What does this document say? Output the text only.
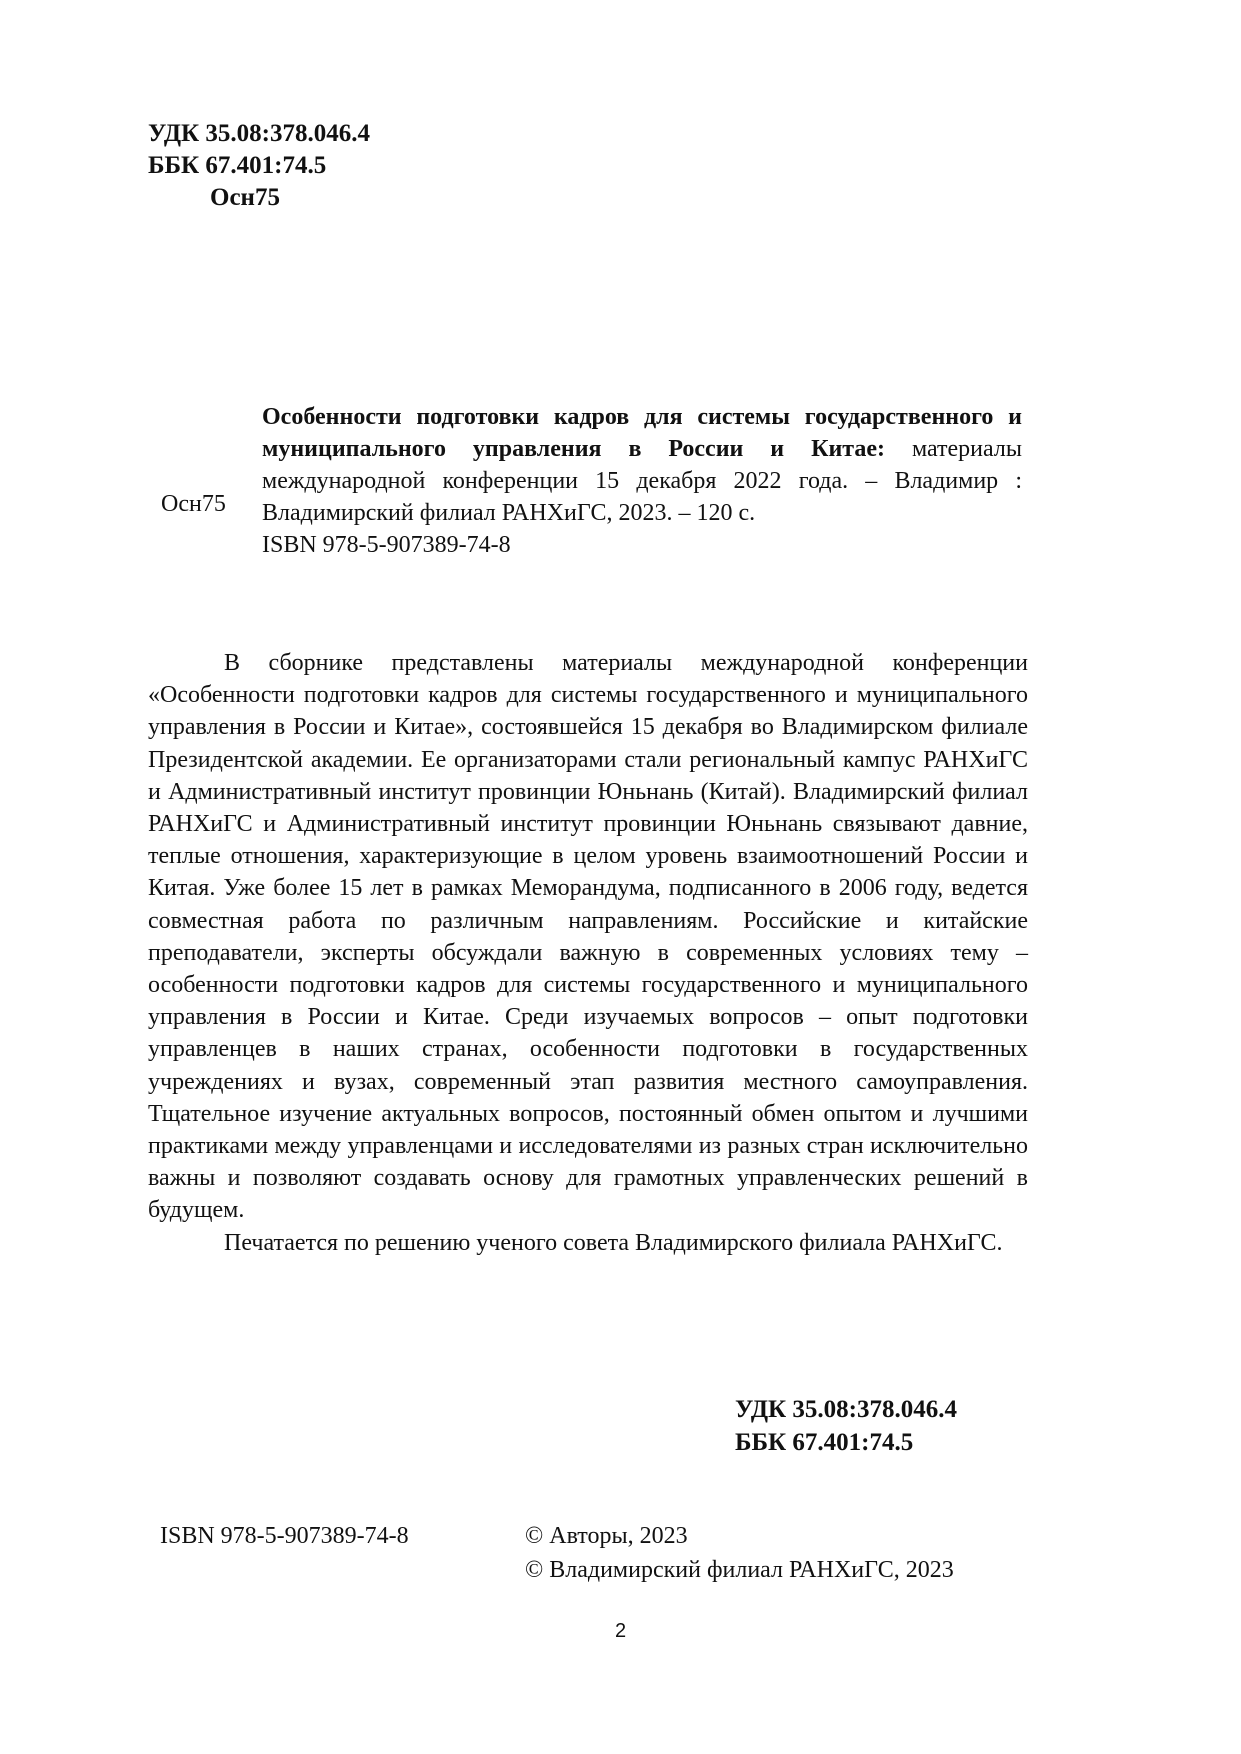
УДК 35.08:378.046.4
ББК 67.401:74.5
Осн75
Осн75

Особенности подготовки кадров для системы государственного и муниципального управления в России и Китае: материалы международной конференции 15 декабря 2022 года. – Владимир : Владимирский филиал РАНХиГС, 2023. – 120 с.

ISBN 978-5-907389-74-8

В сборнике представлены материалы международной конференции «Особенности подготовки кадров для системы государственного и муниципального управления в России и Китае», состоявшейся 15 декабря во Владимирском филиале Президентской академии. Ее организаторами стали региональный кампус РАНХиГС и Административный институт провинции Юньнань (Китай). Владимирский филиал РАНХиГС и Административный институт провинции Юньнань связывают давние, теплые отношения, характеризующие в целом уровень взаимоотношений России и Китая. Уже более 15 лет в рамках Меморандума, подписанного в 2006 году, ведется совместная работа по различным направлениям. Российские и китайские преподаватели, эксперты обсуждали важную в современных условиях тему – особенности подготовки кадров для системы государственного и муниципального управления в России и Китае. Среди изучаемых вопросов – опыт подготовки управленцев в наших странах, особенности подготовки в государственных учреждениях и вузах, современный этап развития местного самоуправления. Тщательное изучение актуальных вопросов, постоянный обмен опытом и лучшими практиками между управленцами и исследователями из разных стран исключительно важны и позволяют создавать основу для грамотных управленческих решений в будущем.

Печатается по решению ученого совета Владимирского филиала РАНХиГС.

УДК 35.08:378.046.4
ББК 67.401:74.5
ISBN 978-5-907389-74-8	© Авторы, 2023
© Владимирский филиал РАНХиГС, 2023
2
